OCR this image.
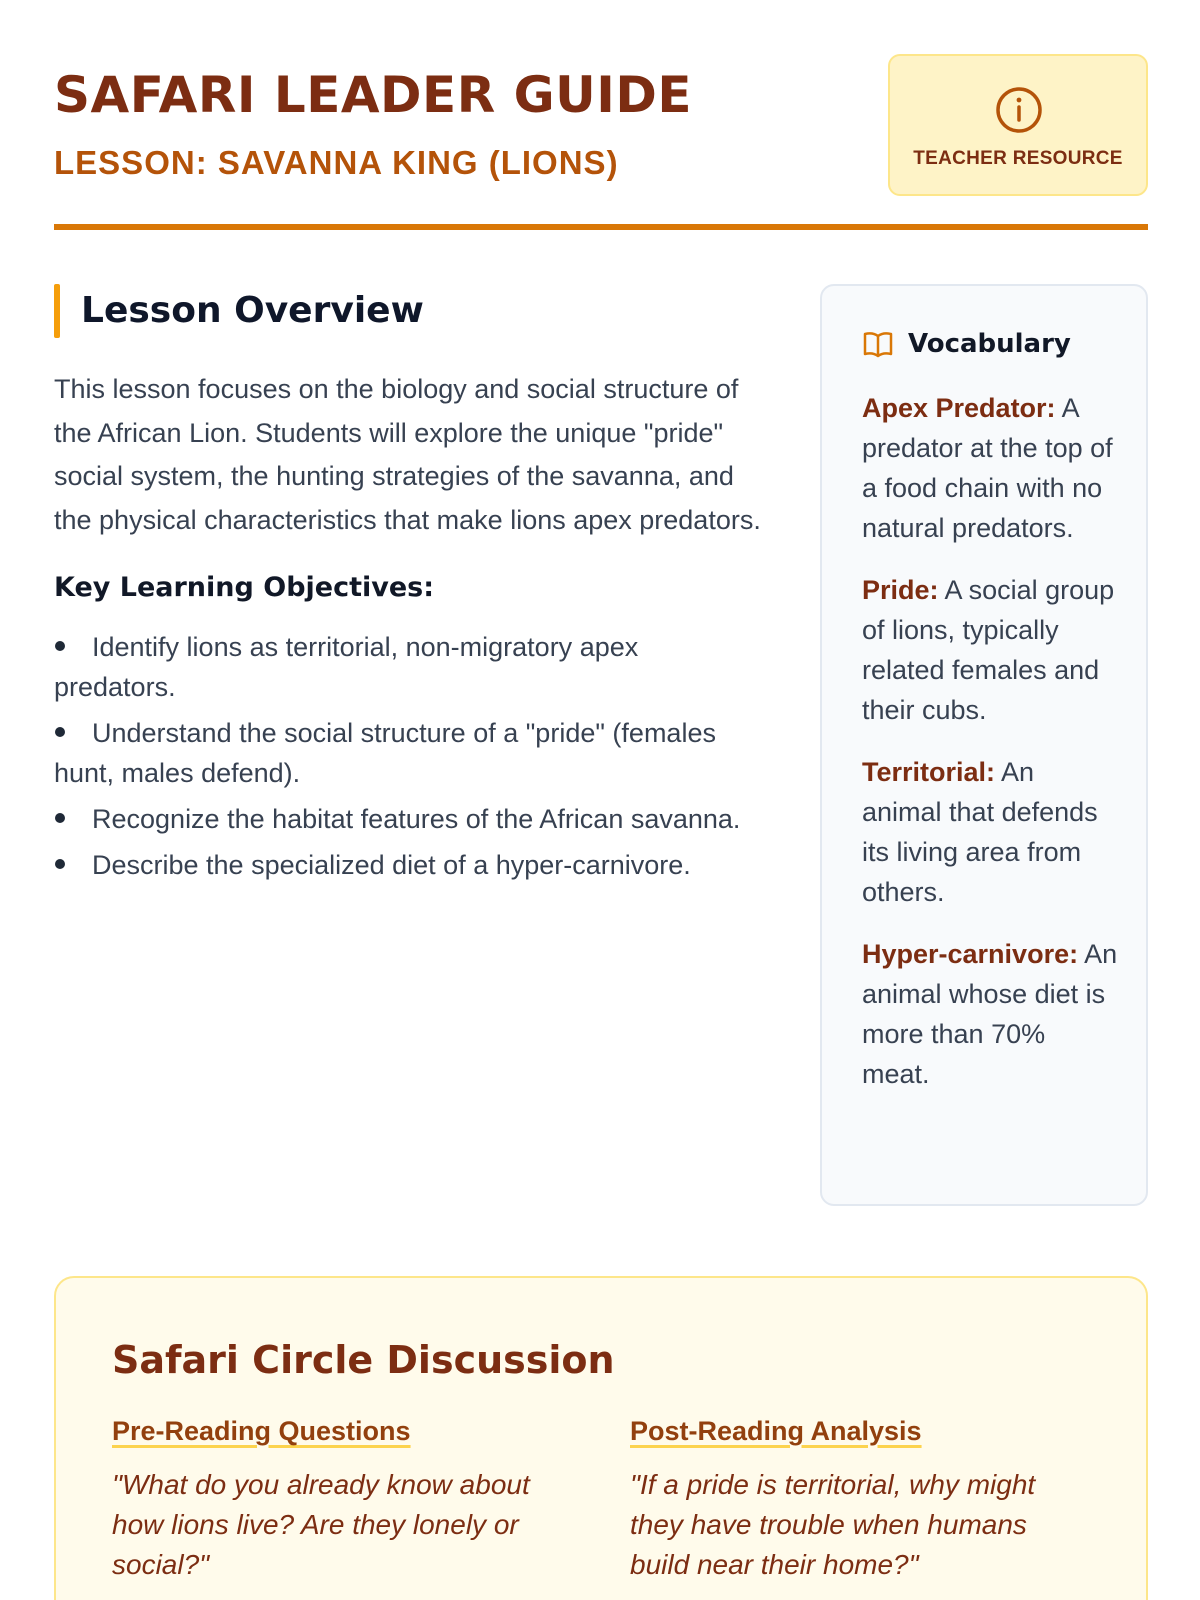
SAFARI LEADER GUIDE
LESSON: SAVANNA KING (LIONS)	TEACHER RESOURCE
Lesson Overview

This lesson focuses on the biology and social structure of the African Lion. Students will explore the unique "pride" social system, the hunting strategies of the savanna, and the physical characteristics that make lions apex predators.

Key Learning Objectives:
Identify lions as territorial, non-migratory apex predators.
Understand the social structure of a "pride" (females hunt, males defend).
Recognize the habitat features of the African savanna.
Describe the specialized diet of a hyper-carnivore.
Vocabulary

Apex Predator: A predator at the top of a food chain with no natural predators.

Pride: A social group of lions, typically related females and their cubs.

Territorial: An animal that defends its living area from others.

Hyper-carnivore: An animal whose diet is more than 70% meat.

Safari Circle Discussion
Pre-Reading Questions

"What do you already know about how lions live? Are they lonely or social?"

Post-Reading Analysis

"If a pride is territorial, why might they have trouble when humans build near their home?"
